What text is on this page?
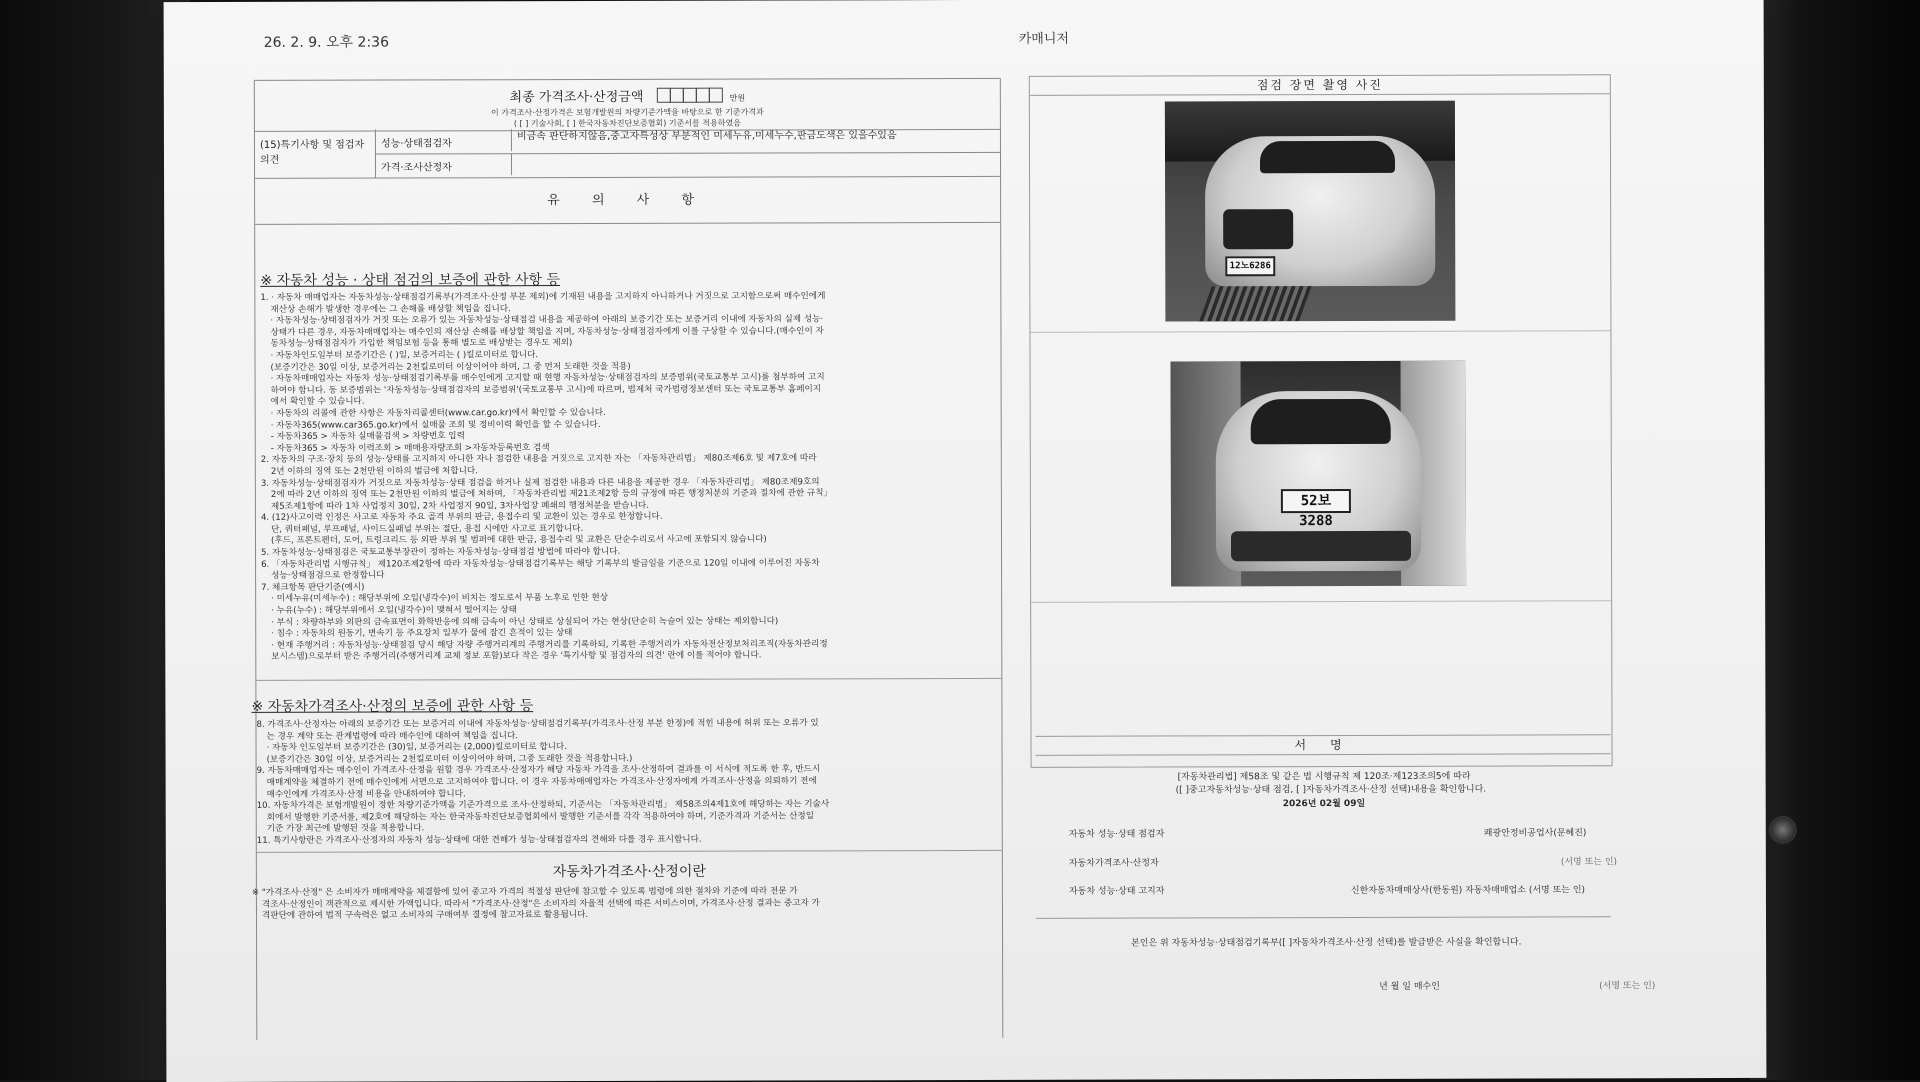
26. 2. 9. 오후 2:36	카매니저
최종 가격조사·산정금액	만원
이 가격조사·산정가격은 보험개발원의 차량기준가액을 바탕으로 한 기준가격과
( [ ] 기술사회, [ ] 한국자동차진단보증협회) 기준서를 적용하였음
(15)특기사항 및 점검자 의견
성능·상태점검자
비금속 판단하지않음,중고자특성상 부분적인 미세누유,미세누수,판금도색은 있을수있음
가격·조사산정자
유 의 사 항
※ 자동차 성능 · 상태 점검의 보증에 관한 사항 등

1. · 자동차 매매업자는 자동차성능·상태점검기록부(가격조사·산정 부분 제외)에 기재된 내용을 고지하지 아니하거나 거짓으로 고지함으로써 매수인에게

재산상 손해가 발생한 경우에는 그 손해를 배상할 책임을 집니다.

· 자동차성능·상태점검자가 거짓 또는 오류가 있는 자동차성능·상태점검 내용을 제공하여 아래의 보증기간 또는 보증거리 이내에 자동차의 실제 성능·

상태가 다른 경우, 자동차매매업자는 매수인의 재산상 손해를 배상할 책임을 지며, 자동차성능·상태점검자에게 이를 구상할 수 있습니다.(매수인이 자

동차성능·상태점검자가 가입한 책임보험 등을 통해 별도로 배상받는 경우도 제외)

· 자동차인도일부터 보증기간은 ( )일, 보증거리는 ( )킬로미터로 합니다.

(보증기간은 30일 이상, 보증거리는 2천킬로미터 이상이어야 하며, 그 중 먼저 도래한 것을 적용)

· 자동차매매업자는 자동차 성능·상태점검기록부를 매수인에게 고지할 때 현행 자동차성능·상태점검자의 보증범위(국토교통부 고시)를 첨부하여 고지

하여야 합니다. 동 보증범위는 '자동차성능·상태점검자의 보증범위'(국토교통부 고시)에 따르며, 법제처 국가법령정보센터 또는 국토교통부 홈페이지

에서 확인할 수 있습니다.

· 자동차의 리콜에 관한 사항은 자동차리콜센터(www.car.go.kr)에서 확인할 수 있습니다.

· 자동차365(www.car365.go.kr)에서 실매물 조회 및 정비이력 확인을 할 수 있습니다.

- 자동차365 > 자동차 실매물검색 > 차량번호 입력

- 자동차365 > 자동차 이력조회 > 매매용자량조회 >자동차등록번호 검색

2. 자동차의 구조·장치 등의 성능·상태를 고지하지 아니한 자나 점검한 내용을 거짓으로 고지한 자는 「자동차관리법」 제80조제6호 및 제7호에 따라

2년 이하의 징역 또는 2천만원 이하의 벌금에 처합니다.

3. 자동차성능·상태점검자가 거짓으로 자동차성능·상태 점검을 하거나 실제 점검한 내용과 다른 내용을 제공한 경우 「자동차관리법」 제80조제9호의

2에 따라 2년 이하의 징역 또는 2천만원 이하의 벌금에 처하며, 「자동차관리법 제21조제2항 등의 규정에 따른 행정처분의 기준과 절차에 관한 규칙」

제5조제1항에 따라 1차 사업정지 30일, 2차 사업정지 90일, 3차사업장 폐쇄의 행정처분을 받습니다.

4. (12)사고이력 인정은 사고로 자동차 주요 골격 부위의 판금, 용접수리 및 교환이 있는 경우로 한정합니다.

단, 쿼터패널, 루프패널, 사이드실패널 부위는 절단, 용접 시에만 사고로 표기합니다.

(후드, 프론트펜더, 도어, 트렁크리드 등 외판 부위 및 범퍼에 대한 판금, 용접수리 및 교환은 단순수리로서 사고에 포함되지 않습니다)

5. 자동차성능·상태점검은 국토교통부장관이 정하는 자동차성능·상태점검 방법에 따라야 합니다.

6. 「자동차관리법 시행규칙」 제120조제2항에 따라 자동차성능·상태점검기록부는 해당 기록부의 발급일을 기준으로 120일 이내에 이루어진 자동차

성능·상태점검으로 한정합니다

7. 체크항목 판단기준(예시)

· 미세누유(미세누수) : 해당부위에 오일(냉각수)이 비치는 정도로서 부품 노후로 인한 현상

· 누유(누수) : 해당부위에서 오일(냉각수)이 맺혀서 떨어지는 상태

· 부식 : 차량하부와 외판의 금속표면이 화학반응에 의해 금속이 아닌 상태로 상실되어 가는 현상(단순히 녹슬어 있는 상태는 제외합니다)

· 침수 : 자동차의 원동기, 변속기 등 주요장치 일부가 물에 잠긴 흔적이 있는 상태

· 현재 주행거리 : 자동차성능·상태점검 당시 해당 자량 주행거리계의 주행거리를 기록하되, 기록한 주행거리가 자동차전산정보처리조직(자동차관리정

보시스템)으로부터 받은 주행거리(주행거리계 교체 정보 포함)보다 작은 경우 '특기사항 및 점검자의 의견' 란에 이를 적어야 합니다.

※ 자동차가격조사·산정의 보증에 관한 사항 등

8. 가격조사·산정자는 아래의 보증기간 또는 보증거리 이내에 자동차성능·상태점검기록부(가격조사·산정 부분 한정)에 적힌 내용에 허위 또는 오류가 있

는 경우 계약 또는 관계법령에 따라 매수인에 대하여 책임을 집니다.

· 자동차 인도일부터 보증기간은 (30)일, 보증거리는 (2,000)킬로미터로 합니다.

(보증기간은 30일 이상, 보증거리는 2천킬로미터 이상이어야 하며, 그중 도래한 것을 적용합니다.)

9. 자동차매매업자는 매수인이 가격조사·산정을 원할 경우 가격조사·산정자가 해당 자동차 가격을 조사·산정하여 결과를 이 서식에 적도록 한 후, 반드시

매매계약을 체결하기 전에 매수인에게 서면으로 고지하여야 합니다. 이 경우 자동차매매업자는 가격조사·산정자에게 가격조사·산정을 의뢰하기 전에

매수인에게 가격조사·산정 비용을 안내하여야 합니다.

10. 자동차가격은 보험개발원이 정한 차량기준가액을 기준가격으로 조사·산정하되, 기준서는 「자동차관리법」 제58조의4제1호에 해당하는 자는 기술사

회에서 발행한 기준서를, 제2호에 해당하는 자는 한국자동차진단보증협회에서 발행한 기준서를 각각 적용하여야 하며, 기준가격과 기준서는 산정일

기준 가장 최근에 발행된 것을 적용합니다.

11. 특기사항란은 가격조사·산정자의 자동차 성능·상태에 대한 견해가 성능·상태점검자의 견해와 다를 경우 표시합니다.

자동차가격조사·산정이란

※ "가격조사·산정" 은 소비자가 매매계약을 체결함에 있어 중고자 가격의 적절성 판단에 참고할 수 있도록 법령에 의한 절차와 기준에 따라 전문 가

격조사·산정인이 객관적으로 제시한 가액입니다. 따라서 "가격조사·산정"은 소비자의 자율적 선택에 따른 서비스이며, 가격조사·산정 결과는 중고자 가

격판단에 관하여 법적 구속력은 없고 소비자의 구매여부 결정에 참고자료로 활용됩니다.

점검 장면 촬영 사진
12노6286
52보 3288
서 명
[자동차관리법] 제58조 및 같은 법 시행규칙 제 120조·제123조의5에 따라
([ ]중고자동차성능·상태 점검, [ ]자동차가격조사·산정 선택)내용을 확인합니다.
2026년 02월 09일
자동차 성능·상태 점검자	쾌광안정비공업사(문혜진)
자동차가격조사·산정자	(서명 또는 인)
자동차 성능·상태 고지자	신한자동차매매상사(한동원) 자동차매매업소 (서명 또는 인)
본인은 위 자동차성능·상태점검기록부([ ]자동차가격조사·산정 선택)를 발급받은 사실을 확인합니다.
년 월 일 매수인	(서명 또는 인)
